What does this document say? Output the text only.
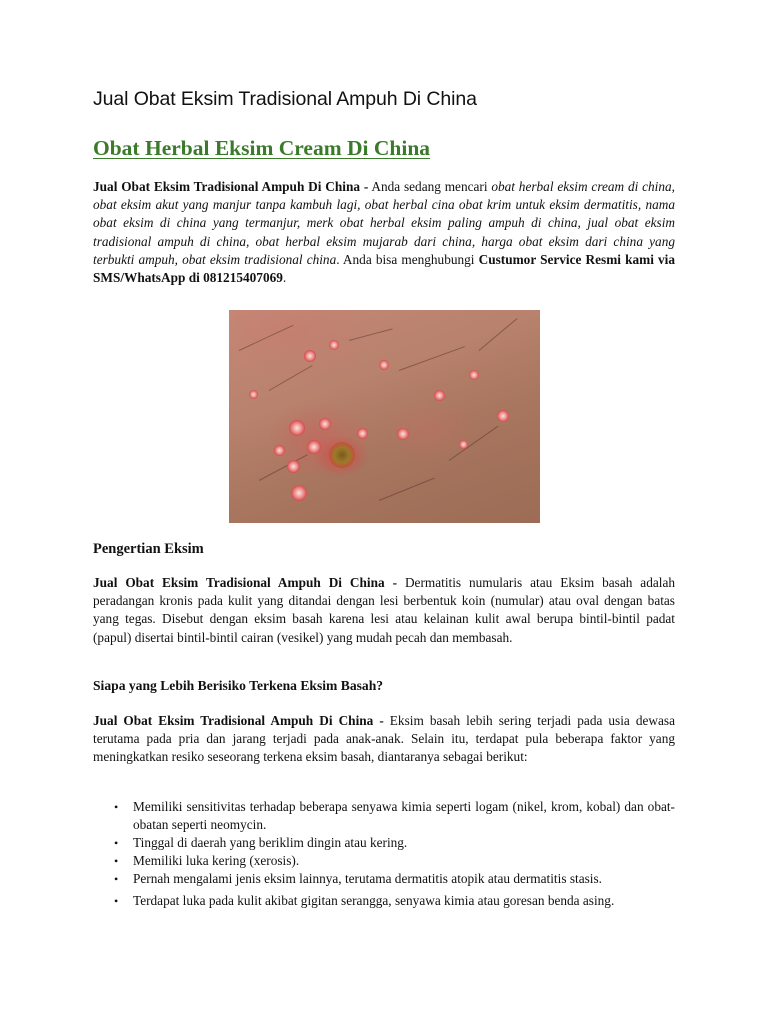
Jual Obat Eksim Tradisional Ampuh Di China
Obat Herbal Eksim Cream Di China

Jual Obat Eksim Tradisional Ampuh Di China - Anda sedang mencari obat herbal eksim cream di china, obat eksim akut yang manjur tanpa kambuh lagi, obat herbal cina obat krim untuk eksim dermatitis, nama obat eksim di china yang termanjur, merk obat herbal eksim paling ampuh di china, jual obat eksim tradisional ampuh di china, obat herbal eksim mujarab dari china, harga obat eksim dari china yang terbukti ampuh, obat eksim tradisional china. Anda bisa menghubungi Custumor Service Resmi kami via SMS/WhatsApp di 081215407069.

Pengertian Eksim

Jual Obat Eksim Tradisional Ampuh Di China - Dermatitis numularis atau Eksim basah adalah peradangan kronis pada kulit yang ditandai dengan lesi berbentuk koin (numular) atau oval dengan batas yang tegas. Disebut dengan eksim basah karena lesi atau kelainan kulit awal berupa bintil-bintil padat (papul) disertai bintil-bintil cairan (vesikel) yang mudah pecah dan membasah.

Siapa yang Lebih Berisiko Terkena Eksim Basah?

Jual Obat Eksim Tradisional Ampuh Di China - Eksim basah lebih sering terjadi pada usia dewasa terutama pada pria dan jarang terjadi pada anak-anak. Selain itu, terdapat pula beberapa faktor yang meningkatkan resiko seseorang terkena eksim basah, diantaranya sebagai berikut:

• Memiliki sensitivitas terhadap beberapa senyawa kimia seperti logam (nikel, krom, kobal) dan obat-obatan seperti neomycin.
• Tinggal di daerah yang beriklim dingin atau kering.
• Memiliki luka kering (xerosis).
• Pernah mengalami jenis eksim lainnya, terutama dermatitis atopik atau dermatitis stasis.
• Terdapat luka pada kulit akibat gigitan serangga, senyawa kimia atau goresan benda asing.
